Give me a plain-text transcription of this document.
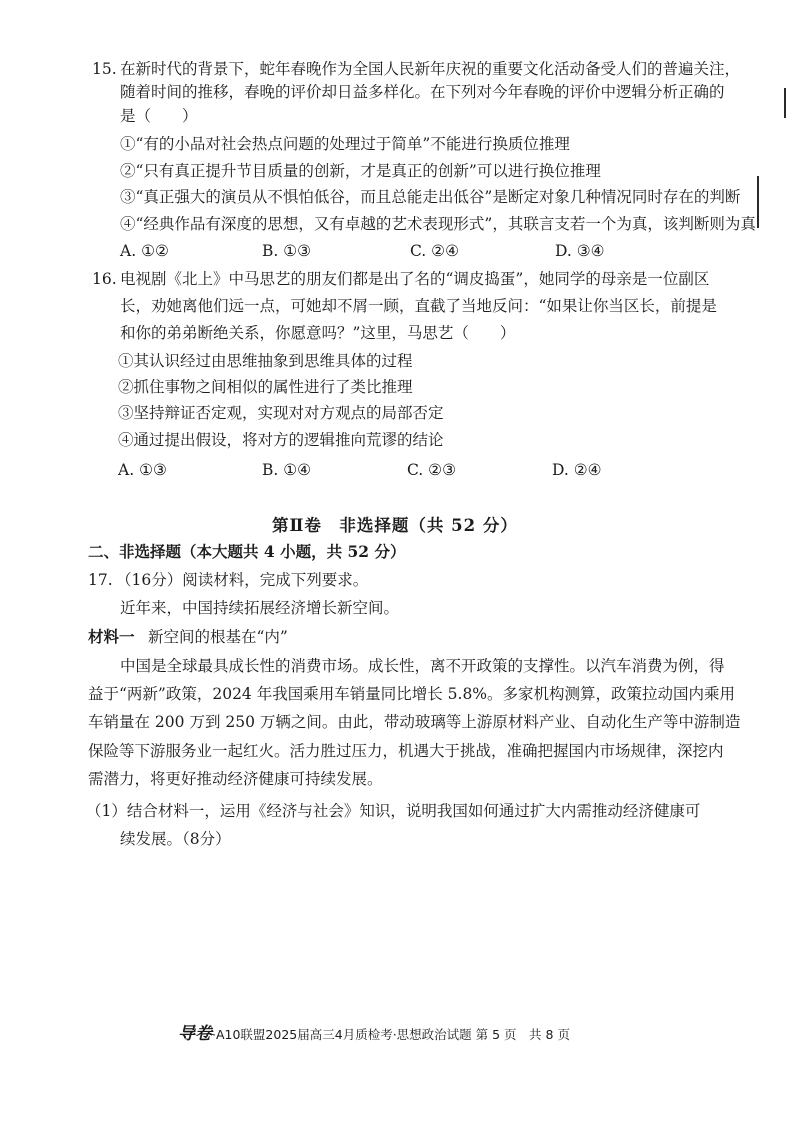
15. 在新时代的背景下，蛇年春晚作为全国人民新年庆祝的重要文化活动备受人们的普遍关注，
随着时间的推移，春晚的评价却日益多样化。在下列对今年春晚的评价中逻辑分析正确的
是（　　）
①“有的小品对社会热点问题的处理过于简单”不能进行换质位推理
②“只有真正提升节目质量的创新，才是真正的创新”可以进行换位推理
③“真正强大的演员从不惧怕低谷，而且总能走出低谷”是断定对象几种情况同时存在的判断
④“经典作品有深度的思想，又有卓越的艺术表现形式”，其联言支若一个为真，该判断则为真
A. ①②	B. ①③	C. ②④	D. ③④
16. 电视剧《北上》中马思艺的朋友们都是出了名的“调皮捣蛋”，她同学的母亲是一位副区
长，劝她离他们远一点，可她却不屑一顾，直截了当地反问：“如果让你当区长，前提是
和你的弟弟断绝关系，你愿意吗？”这里，马思艺（　　）
①其认识经过由思维抽象到思维具体的过程
②抓住事物之间相似的属性进行了类比推理
③坚持辩证否定观，实现对对方观点的局部否定
④通过提出假设，将对方的逻辑推向荒谬的结论
A. ①③	B. ①④	C. ②③	D. ②④
第Ⅱ卷　非选择题（共 52 分）
二、非选择题（本大题共 4 小题，共 52 分）
17. （16分）阅读材料，完成下列要求。
近年来，中国持续拓展经济增长新空间。
材料一 新空间的根基在“内”
中国是全球最具成长性的消费市场。成长性，离不开政策的支撑性。以汽车消费为例，得
益于“两新”政策，2024 年我国乘用车销量同比增长 5.8%。多家机构测算，政策拉动国内乘用
车销量在 200 万到 250 万辆之间。由此，带动玻璃等上游原材料产业、自动化生产等中游制造
保险等下游服务业一起红火。活力胜过压力，机遇大于挑战，准确把握国内市场规律，深挖内
需潜力，将更好推动经济健康可持续发展。
（1）结合材料一，运用《经济与社会》知识，说明我国如何通过扩大内需推动经济健康可
续发展。（8分）
导卷·A10联盟2025届高三4月质检考·思想政治试题 第 5 页　共 8 页
